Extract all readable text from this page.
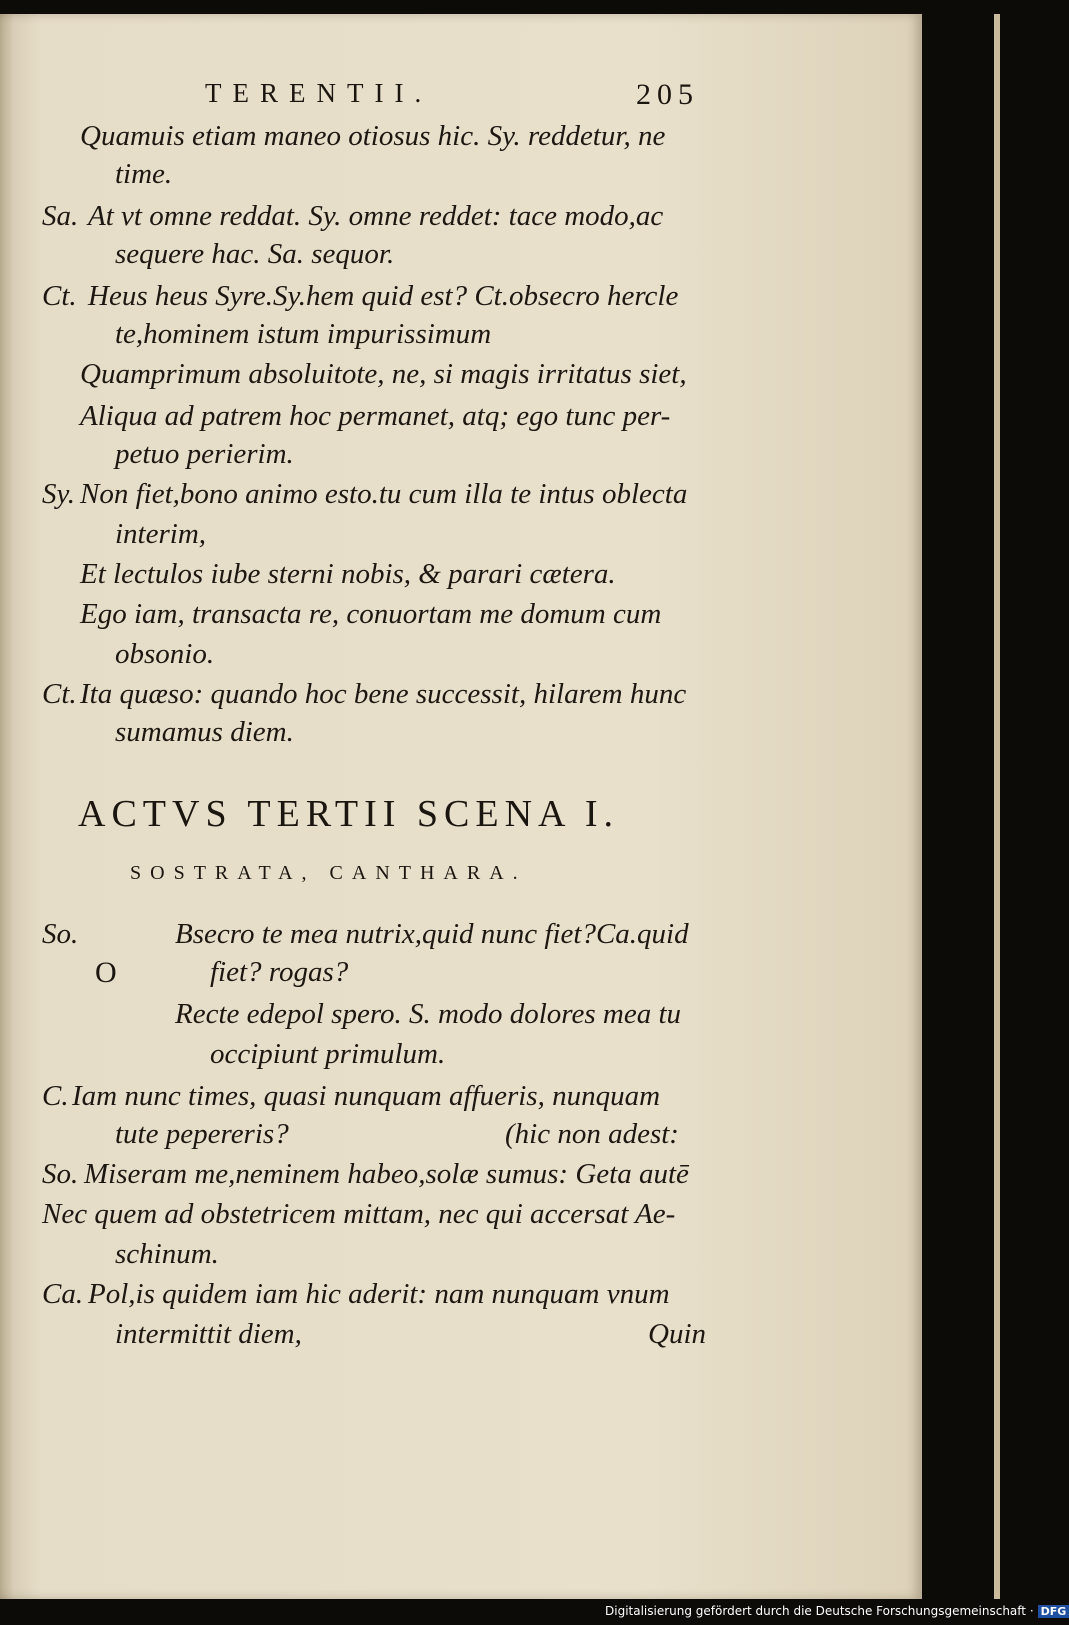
TERENTII.	205
Quamuis etiam maneo otiosus hic. Sy. reddetur, ne
time.
Sa. At vt omne reddat. Sy. omne reddet: tace modo,ac
sequere hac. Sa. sequor.
Ct. Heus heus Syre.Sy.hem quid est? Ct.obsecro hercle
te,hominem istum impurissimum
Quamprimum absoluitote, ne, si magis irritatus siet,
Aliqua ad patrem hoc permanet, atq; ego tunc per-
petuo perierim.
Sy. Non fiet,bono animo esto.tu cum illa te intus oblecta
interim,
Et lectulos iube sterni nobis, & parari cætera.
Ego iam, transacta re, conuortam me domum cum
obsonio.
Ct. Ita quæso: quando hoc bene successit, hilarem hunc
sumamus diem.
ACTVS TERTII SCENA I.
SOSTRATA, CANTHARA.
So.
O
Bsecro te mea nutrix,quid nunc fiet?Ca.quid
fiet? rogas?
Recte edepol spero. S. modo dolores mea tu
occipiunt primulum.
C. Iam nunc times, quasi nunquam affueris, nunquam
tute pepereris?	(hic non adest:
So. Miseram me,neminem habeo,solæ sumus: Geta autē
Nec quem ad obstetricem mittam, nec qui accersat Ae-
schinum.
Ca. Pol,is quidem iam hic aderit: nam nunquam vnum
intermittit diem,	Quin
Digitalisierung gefördert durch die Deutsche Forschungsgemeinschaft · DFG
